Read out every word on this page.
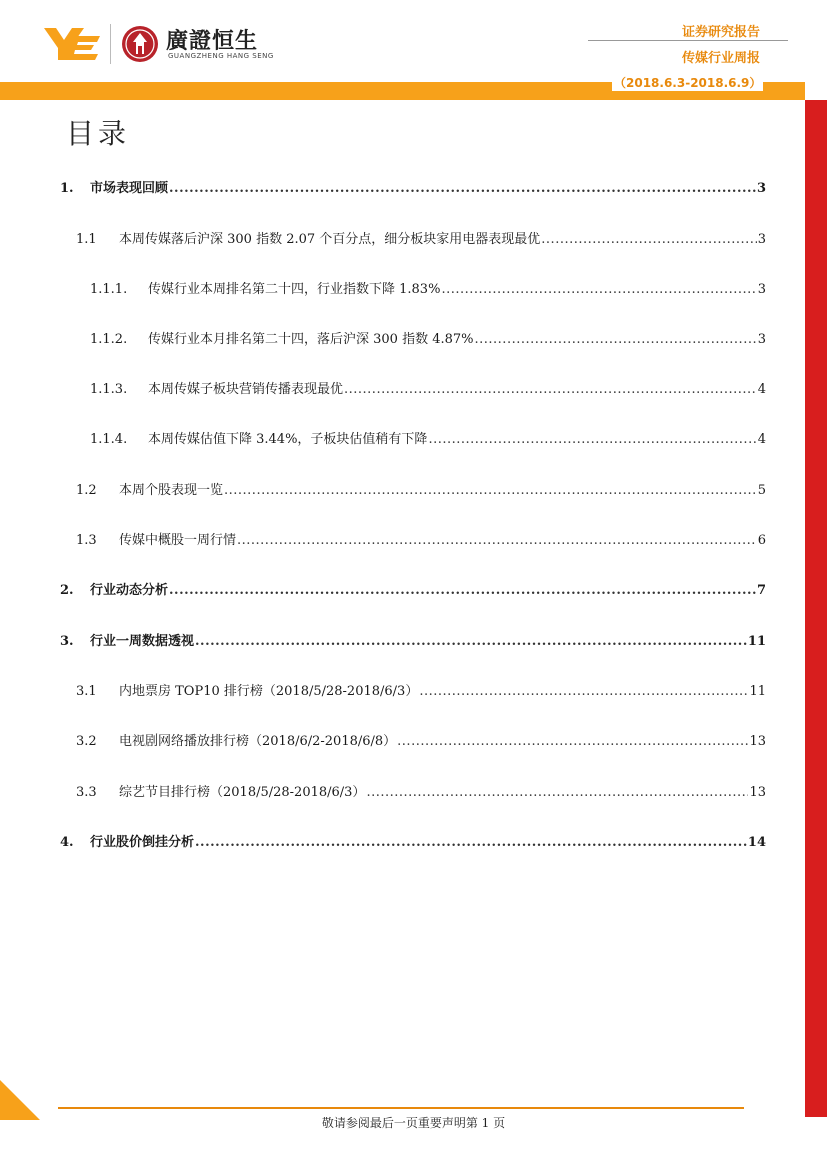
廣證恒生
GUANGZHENG HANG SENG
证券研究报告
传媒行业周报
（2018.6.3-2018.6.9）
目录
1.	市场表现回顾 .....	3
1.1	本周传媒落后沪深 300 指数 2.07 个百分点，细分板块家用电器表现最优 .....	3
1.1.1.	传媒行业本周排名第二十四，行业指数下降 1.83% .....	3
1.1.2.	传媒行业本月排名第二十四，落后沪深 300 指数 4.87% .....	3
1.1.3.	本周传媒子板块营销传播表现最优 .....	4
1.1.4.	本周传媒估值下降 3.44%，子板块估值稍有下降 .....	4
1.2	本周个股表现一览 .....	5
1.3	传媒中概股一周行情 .....	6
2.	行业动态分析 .....	7
3.	行业一周数据透视 .....	11
3.1	内地票房 TOP10 排行榜（2018/5/28-2018/6/3） .....	11
3.2	电视剧网络播放排行榜（2018/6/2-2018/6/8） .....	13
3.3	综艺节目排行榜（2018/5/28-2018/6/3） .....	13
4.	行业股价倒挂分析 .....	14
敬请参阅最后一页重要声明第 1 页
